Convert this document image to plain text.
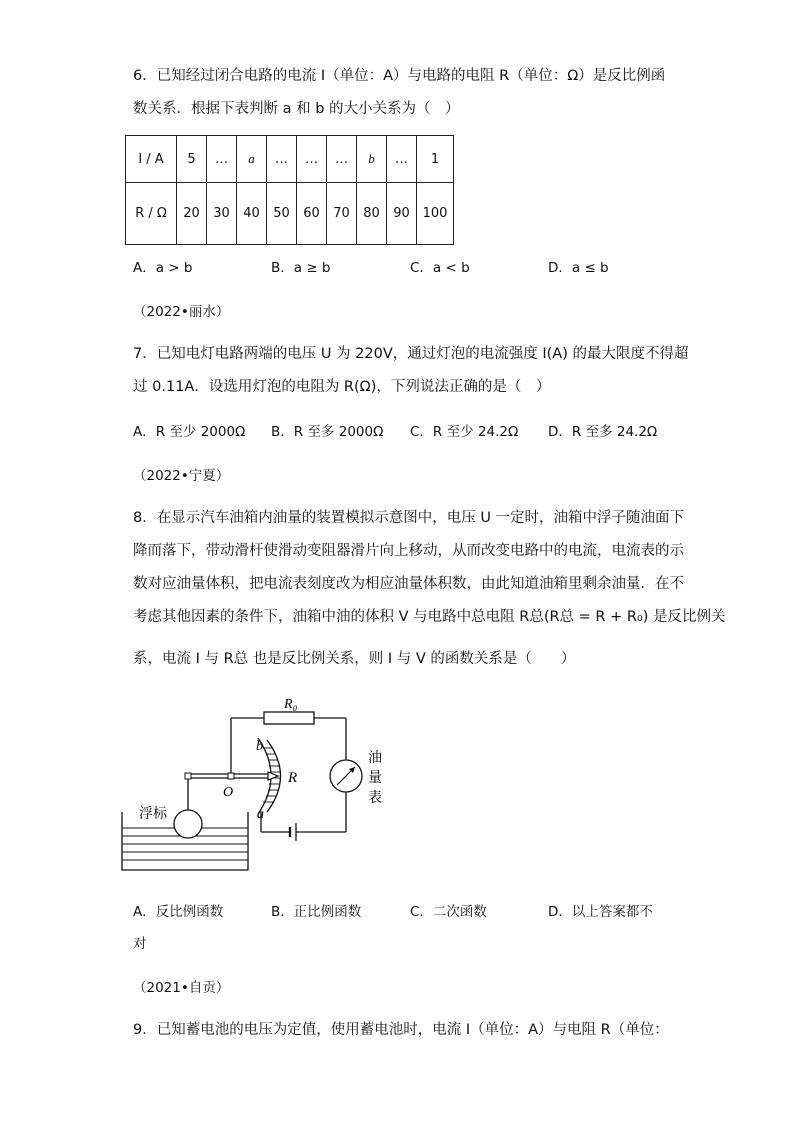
6．已知经过闭合电路的电流 I（单位：A）与电路的电阻 R（单位：Ω）是反比例函
数关系．根据下表判断 a 和 b 的大小关系为（　）
I / A	5	…	a	…	…	…	b	…	1
R / Ω	20	30	40	50	60	70	80	90	100
A．a > b	B．a ≥ b	C．a < b	D．a ≤ b
（2022•丽水）
7．已知电灯电路两端的电压 U 为 220V，通过灯泡的电流强度 I(A) 的最大限度不得超
过 0.11A．设选用灯泡的电阻为 R(Ω)，下列说法正确的是（　）
A．R 至少 2000Ω B．R 至多 2000Ω C．R 至少 24.2Ω D．R 至多 24.2Ω
（2022•宁夏）
8．在显示汽车油箱内油量的装置模拟示意图中，电压 U 一定时，油箱中浮子随油面下
降而落下，带动滑杆使滑动变阻器滑片向上移动，从而改变电路中的电流，电流表的示
数对应油量体积，把电流表刻度改为相应油量体积数，由此知道油箱里剩余油量．在不
考虑其他因素的条件下，油箱中油的体积 V 与电路中总电阻 R总(R总 = R + R₀) 是反比例关
系，电流 I 与 R总 也是反比例关系，则 I 与 V 的函数关系是（　　）
R₀
b
R
O
a
浮标
油
量
表
A．反比例函数	B．正比例函数	C．二次函数	D．以上答案都不
对
（2021•自贡）
9．已知蓄电池的电压为定值，使用蓄电池时，电流 I（单位：A）与电阻 R（单位：
